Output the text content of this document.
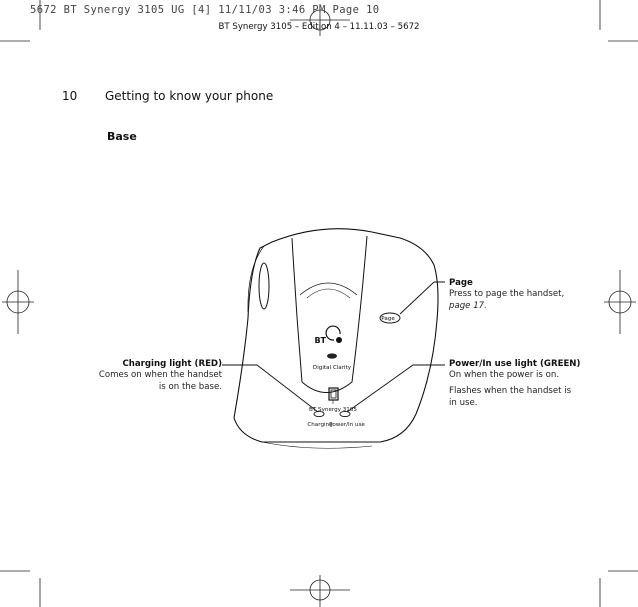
BT
Digital Clarity
Page
BT Synergy 3105
Charging
Power/In use
5672 BT Synergy 3105 UG [4] 11/11/03 3:46 PM Page 10
BT Synergy 3105 – Edition 4 – 11.11.03 – 5672
10 Getting to know your phone
Base
Page
Press to page the handset,
page 17.
Charging light (RED)
Comes on when the handset
is on the base.
Power/In use light (GREEN)
On when the power is on.
Flashes when the handset is
in use.
